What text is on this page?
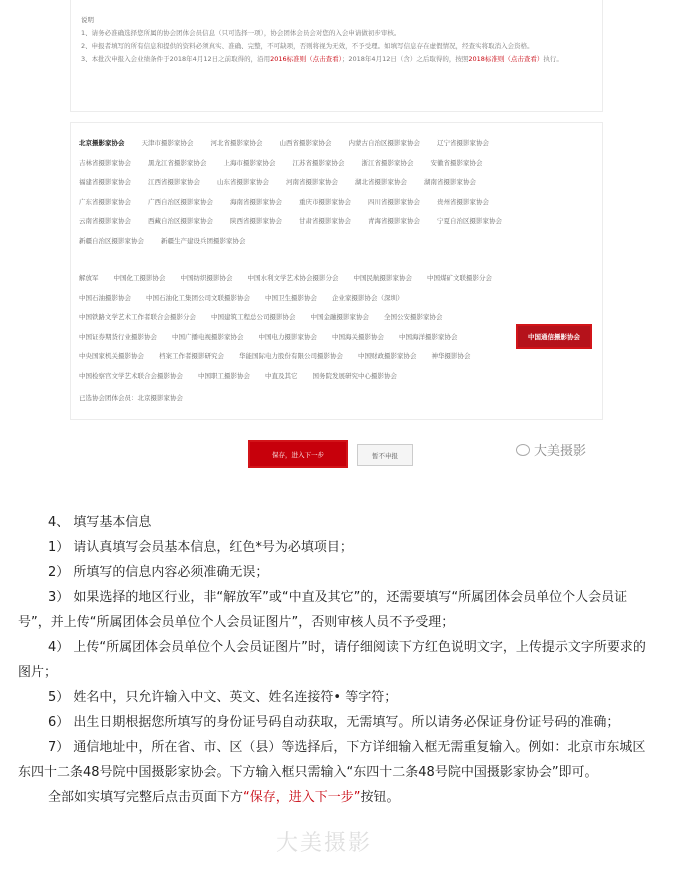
说明
1、请务必准确选择您所属的协会团体会员信息（只可选择一项），协会团体会员会对您的入会申请做初步审核。
2、申报者填写的所有信息和提供的资料必须真实、准确、完整，不可缺项，否则将视为无效，不予受理。如填写信息存在虚假情况，经查实将取消入会资格。
3、本批次申报入会业绩条件于2018年4月12日之前取得的，沿用2016标准则（点击查看）；2018年4月12日（含）之后取得的，按照2018标准则（点击查看）执行。
北京摄影家协会	天津市摄影家协会	河北省摄影家协会	山西省摄影家协会	内蒙古自治区摄影家协会	辽宁省摄影家协会
吉林省摄影家协会	黑龙江省摄影家协会	上海市摄影家协会	江苏省摄影家协会	浙江省摄影家协会	安徽省摄影家协会
福建省摄影家协会	江西省摄影家协会	山东省摄影家协会	河南省摄影家协会	湖北省摄影家协会	湖南省摄影家协会
广东省摄影家协会	广西自治区摄影家协会	海南省摄影家协会	重庆市摄影家协会	四川省摄影家协会	贵州省摄影家协会
云南省摄影家协会	西藏自治区摄影家协会	陕西省摄影家协会	甘肃省摄影家协会	青海省摄影家协会	宁夏自治区摄影家协会
新疆自治区摄影家协会	新疆生产建设兵团摄影家协会
解放军 中国化工摄影协会 中国纺织摄影协会 中国水利文学艺术协会摄影分会 中国民航摄影家协会 中国煤矿文联摄影分会
中国石油摄影协会 中国石油化工集团公司文联摄影协会 中国卫生摄影协会 企业家摄影协会（深圳）
中国铁路文学艺术工作者联合会摄影分会 中国建筑工程总公司摄影协会 中国金融摄影家协会 全国公安摄影家协会
中国证券期货行业摄影协会 中国广播电视摄影家协会 中国电力摄影家协会 中国海关摄影协会 中国海洋摄影家协会	中国通信摄影协会
中央国家机关摄影协会 档案工作者摄影研究会 华能国际电力股份有限公司摄影协会 中国财政摄影家协会 神华摄影协会
中国检察官文学艺术联合会摄影协会 中国职工摄影协会 中直及其它 国务院发展研究中心摄影协会
已选协会团体会员：北京摄影家协会
保存，进入下一步	暂不申报	大美摄影

4、 填写基本信息

1） 请认真填写会员基本信息，红色*号为必填项目；

2） 所填写的信息内容必须准确无误；

3） 如果选择的地区行业，非“解放军”或“中直及其它”的，还需要填写“所属团体会员单位个人会员证号”，并上传“所属团体会员单位个人会员证图片”，否则审核人员不予受理；

4） 上传“所属团体会员单位个人会员证图片”时，请仔细阅读下方红色说明文字，上传提示文字所要求的图片；

5） 姓名中，只允许输入中文、英文、姓名连接符• 等字符；

6） 出生日期根据您所填写的身份证号码自动获取，无需填写。所以请务必保证身份证号码的准确；

7） 通信地址中，所在省、市、区（县）等选择后，下方详细输入框无需重复输入。例如：北京市东城区东四十二条48号院中国摄影家协会。下方输入框只需输入“东四十二条48号院中国摄影家协会”即可。

全部如实填写完整后点击页面下方“保存，进入下一步”按钮。

大美摄影
